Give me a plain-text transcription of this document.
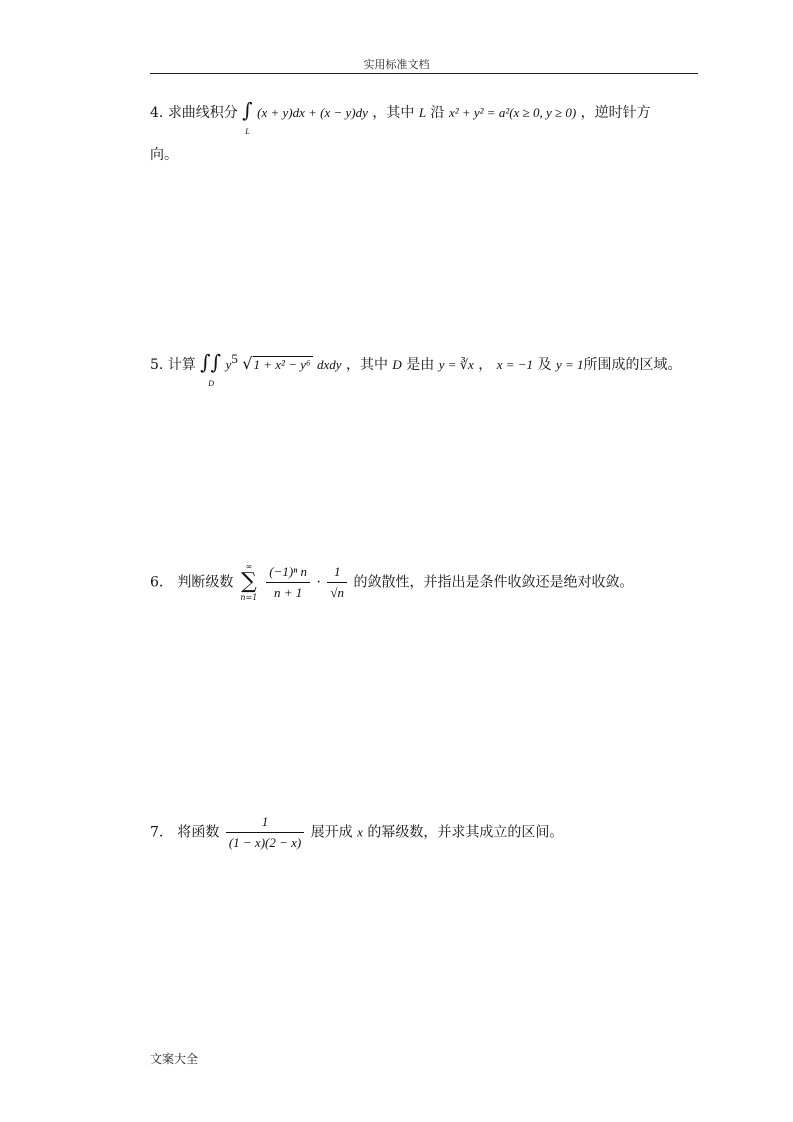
实用标准文档
4. 求曲线积分 ∫
L
(x + y)dx + (x − y)dy ，其中 L 沿 x² + y² = a²(x ≥ 0, y ≥ 0) ，逆时针方
向。
5. 计算 ∫∫
D
$y^5$ √1 + x² − y⁶ dxdy ，其中 D 是由 y = ∛x ， x = −1 及 y = 1所围成的区域。
6． 判断级数
∞
∑
n=1
$\frac{\text{(−1)ⁿ n}}{n + 1} \cdot \frac{1}{√n}$ 的敛散性，并指出是条件收敛还是绝对收敛。
7． 将函数 $\frac{1}{(1 - x)(2 - x)}$ 展开成 x 的幂级数，并求其成立的区间。
文案大全
